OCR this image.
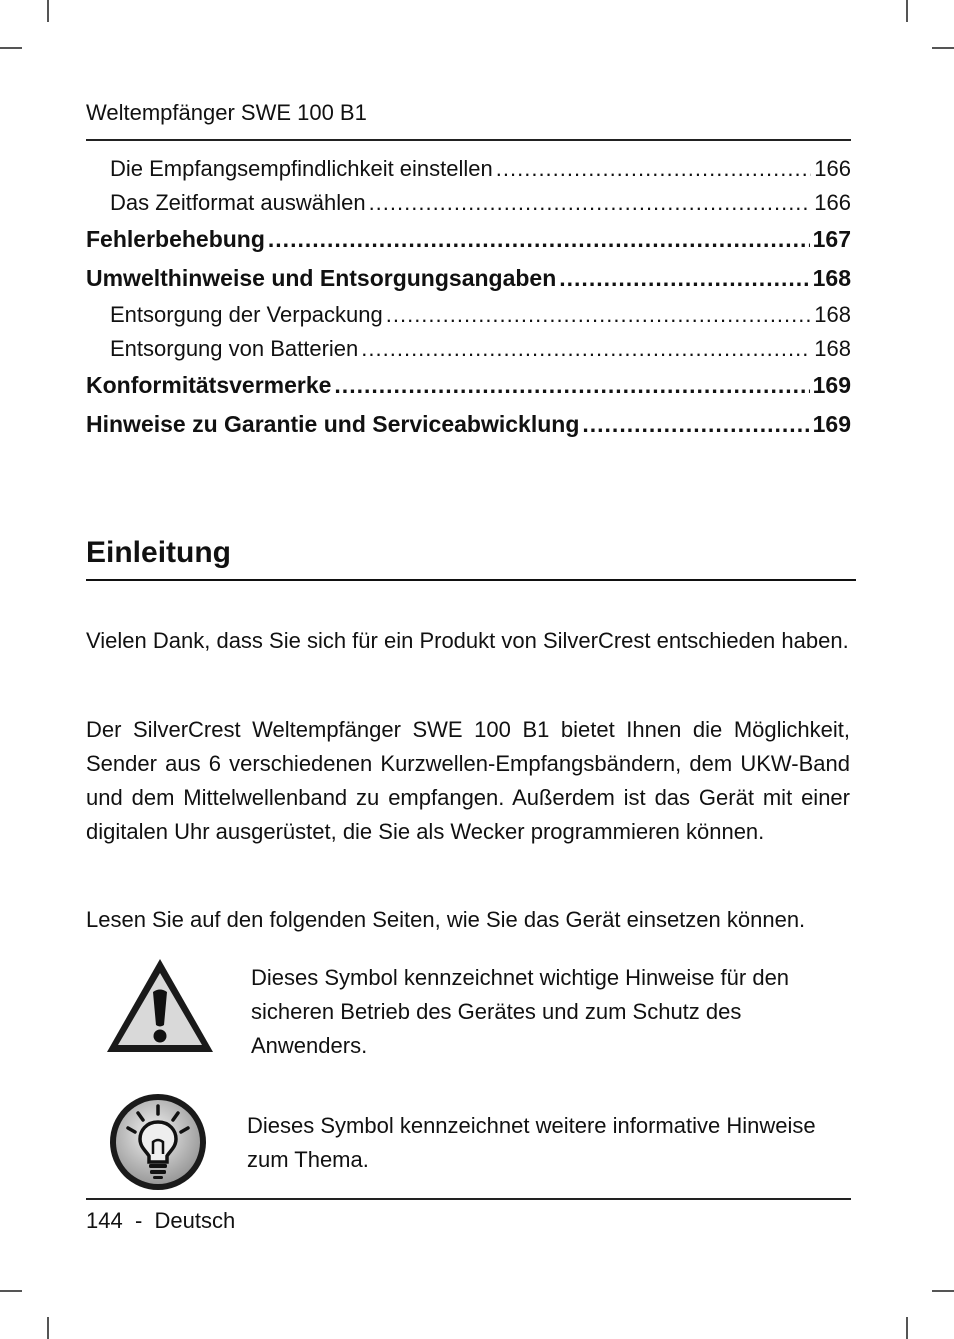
Weltempfänger SWE 100 B1
Die Empfangsempfindlichkeit einstellen .....	166
Das Zeitformat auswählen .....	166
Fehlerbehebung .....	167
Umwelthinweise und Entsorgungsangaben .....	168
Entsorgung der Verpackung .....	168
Entsorgung von Batterien .....	168
Konformitätsvermerke .....	169
Hinweise zu Garantie und Serviceabwicklung .....	169
Einleitung

Vielen Dank, dass Sie sich für ein Produkt von SilverCrest entschieden haben.

Der SilverCrest Weltempfänger SWE 100 B1 bietet Ihnen die Möglichkeit, Sender aus 6 verschiedenen Kurzwellen-Empfangsbändern, dem UKW-Band und dem Mittelwellenband zu empfangen. Außerdem ist das Gerät mit einer digitalen Uhr ausgerüstet, die Sie als Wecker programmieren können.

Lesen Sie auf den folgenden Seiten, wie Sie das Gerät einsetzen können.

Dieses Symbol kennzeichnet wichtige Hinweise für den sicheren Betrieb des Gerätes und zum Schutz des Anwenders.

Dieses Symbol kennzeichnet weitere informative Hinweise zum Thema.

144 - Deutsch
